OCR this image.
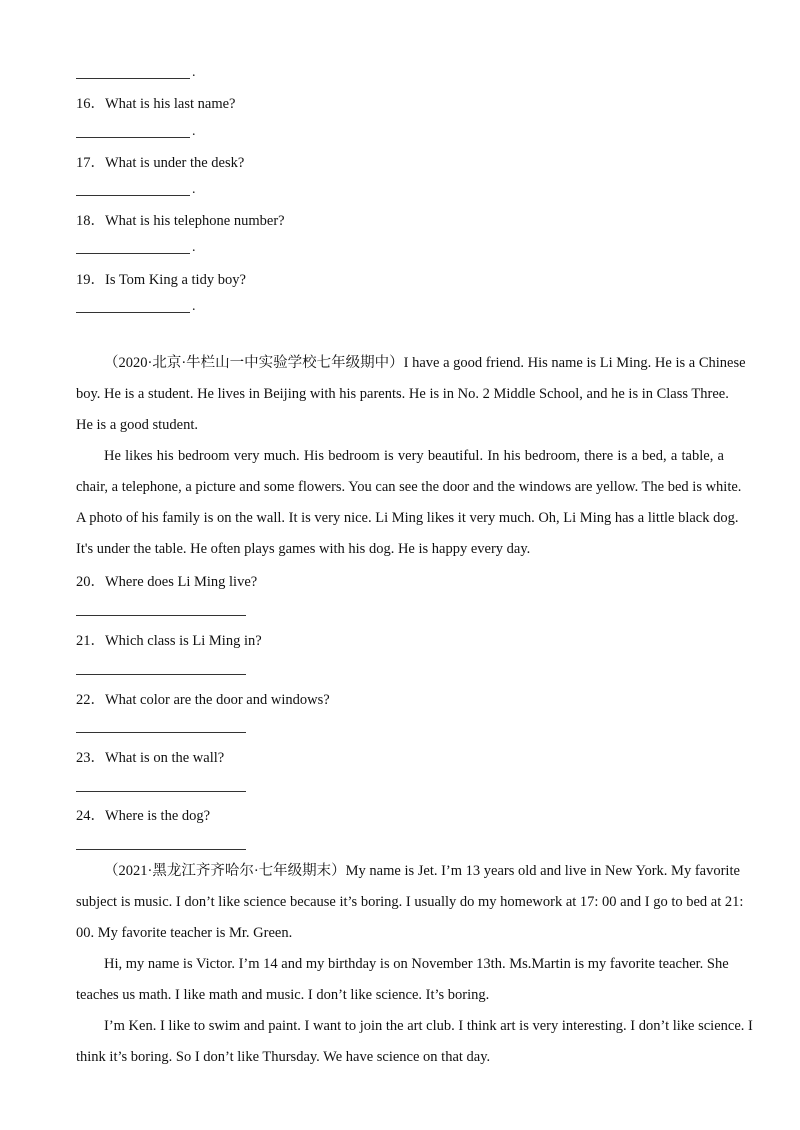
.
16．What is his last name?
.
17．What is under the desk?
.
18．What is his telephone number?
.
19．Is Tom King a tidy boy?
.
（2020·北京·牛栏山一中实验学校七年级期中）I have a good friend. His name is Li Ming. He is a Chinese
boy. He is a student. He lives in Beijing with his parents. He is in No. 2 Middle School, and he is in Class Three.
He is a good student.
He likes his bedroom very much. His bedroom is very beautiful. In his bedroom, there is a bed, a table, a
chair, a telephone, a picture and some flowers. You can see the door and the windows are yellow. The bed is white.
A photo of his family is on the wall. It is very nice. Li Ming likes it very much. Oh, Li Ming has a little black dog.
It's under the table. He often plays games with his dog. He is happy every day.
20．Where does Li Ming live?
21．Which class is Li Ming in?
22．What color are the door and windows?
23．What is on the wall?
24．Where is the dog?
（2021·黑龙江齐齐哈尔·七年级期末）My name is Jet. I’m 13 years old and live in New York. My favorite
subject is music. I don’t like science because it’s boring. I usually do my homework at 17: 00 and I go to bed at 21:
00. My favorite teacher is Mr. Green.
Hi, my name is Victor. I’m 14 and my birthday is on November 13th. Ms.Martin is my favorite teacher. She
teaches us math. I like math and music. I don’t like science. It’s boring.
I’m Ken. I like to swim and paint. I want to join the art club. I think art is very interesting. I don’t like science. I
think it’s boring. So I don’t like Thursday. We have science on that day.
